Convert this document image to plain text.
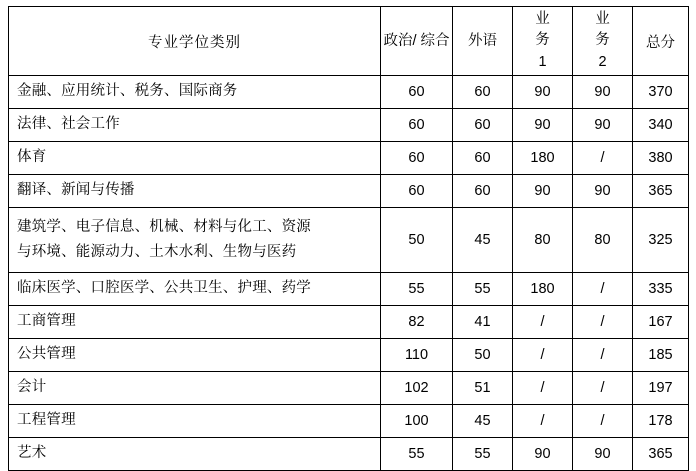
专业学位类别	政治/ 综合	外语	业
务
1	业
务
2	总分

金融、应用统计、税务、国际商务	60	60	90	90	370

法律、社会工作	60	60	90	90	340

体育	60	60	180	/	380

翻译、新闻与传播	60	60	90	90	365

建筑学、电子信息、机械、材料与化工、资源
与环境、能源动力、土木水利、生物与医药	50	45	80	80	325

临床医学、口腔医学、公共卫生、护理、药学	55	55	180	/	335

工商管理	82	41	/	/	167

公共管理	110	50	/	/	185

会计	102	51	/	/	197

工程管理	100	45	/	/	178

艺术	55	55	90	90	365
